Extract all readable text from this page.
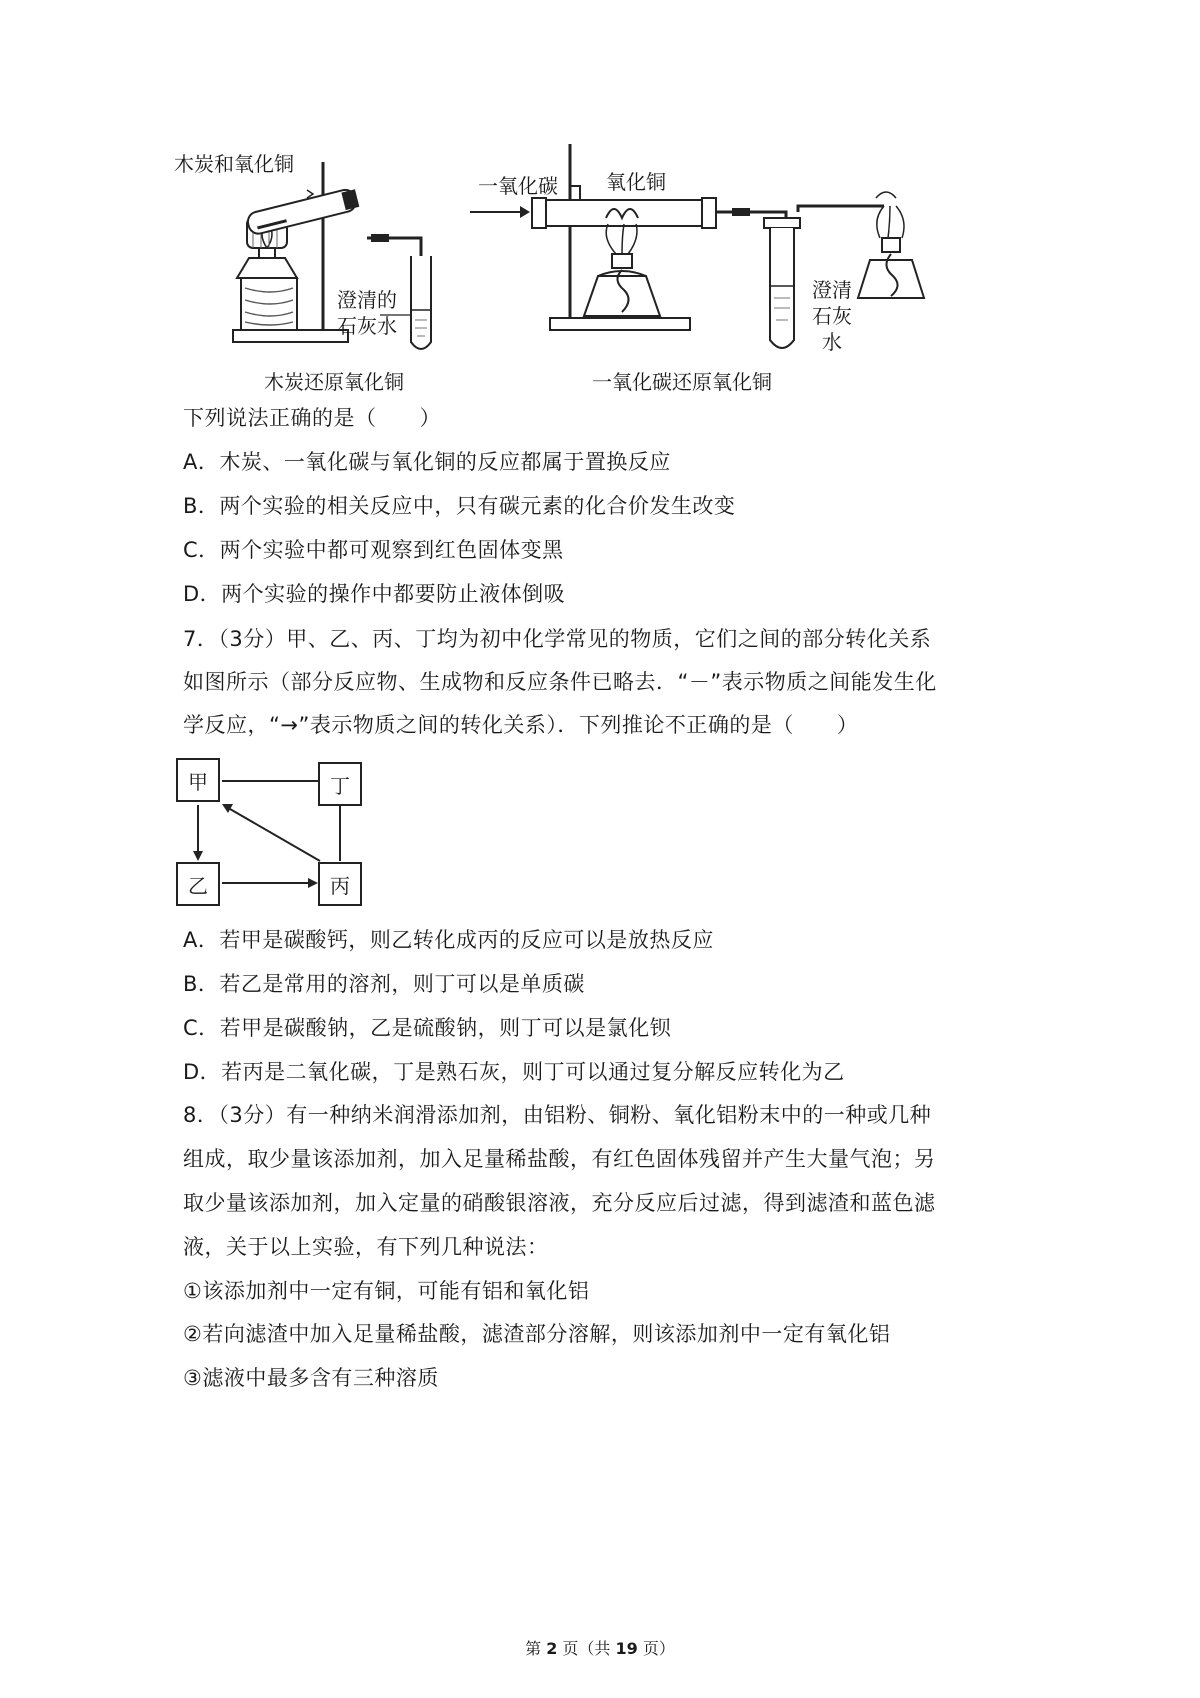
木炭和氧化铜
澄清的
石灰水
木炭还原氧化铜
一氧化碳 氧化铜
澄清
石灰
水
一氧化碳还原氧化铜
下列说法正确的是（　　）
A．木炭、一氧化碳与氧化铜的反应都属于置换反应
B．两个实验的相关反应中，只有碳元素的化合价发生改变
C．两个实验中都可观察到红色固体变黑
D．两个实验的操作中都要防止液体倒吸
7．（3分）甲、乙、丙、丁均为初中化学常见的物质，它们之间的部分转化关系
如图所示（部分反应物、生成物和反应条件已略去．“－”表示物质之间能发生化
学反应，“→”表示物质之间的转化关系）．下列推论不正确的是（　　）
甲	丁
乙	丙
A．若甲是碳酸钙，则乙转化成丙的反应可以是放热反应
B．若乙是常用的溶剂，则丁可以是单质碳
C．若甲是碳酸钠，乙是硫酸钠，则丁可以是氯化钡
D．若丙是二氧化碳，丁是熟石灰，则丁可以通过复分解反应转化为乙
8．（3分）有一种纳米润滑添加剂，由铝粉、铜粉、氧化铝粉末中的一种或几种
组成，取少量该添加剂，加入足量稀盐酸，有红色固体残留并产生大量气泡；另
取少量该添加剂，加入定量的硝酸银溶液，充分反应后过滤，得到滤渣和蓝色滤
液，关于以上实验，有下列几种说法：
①该添加剂中一定有铜，可能有铝和氧化铝
②若向滤渣中加入足量稀盐酸，滤渣部分溶解，则该添加剂中一定有氧化铝
③滤液中最多含有三种溶质
第 2 页（共 19 页）
